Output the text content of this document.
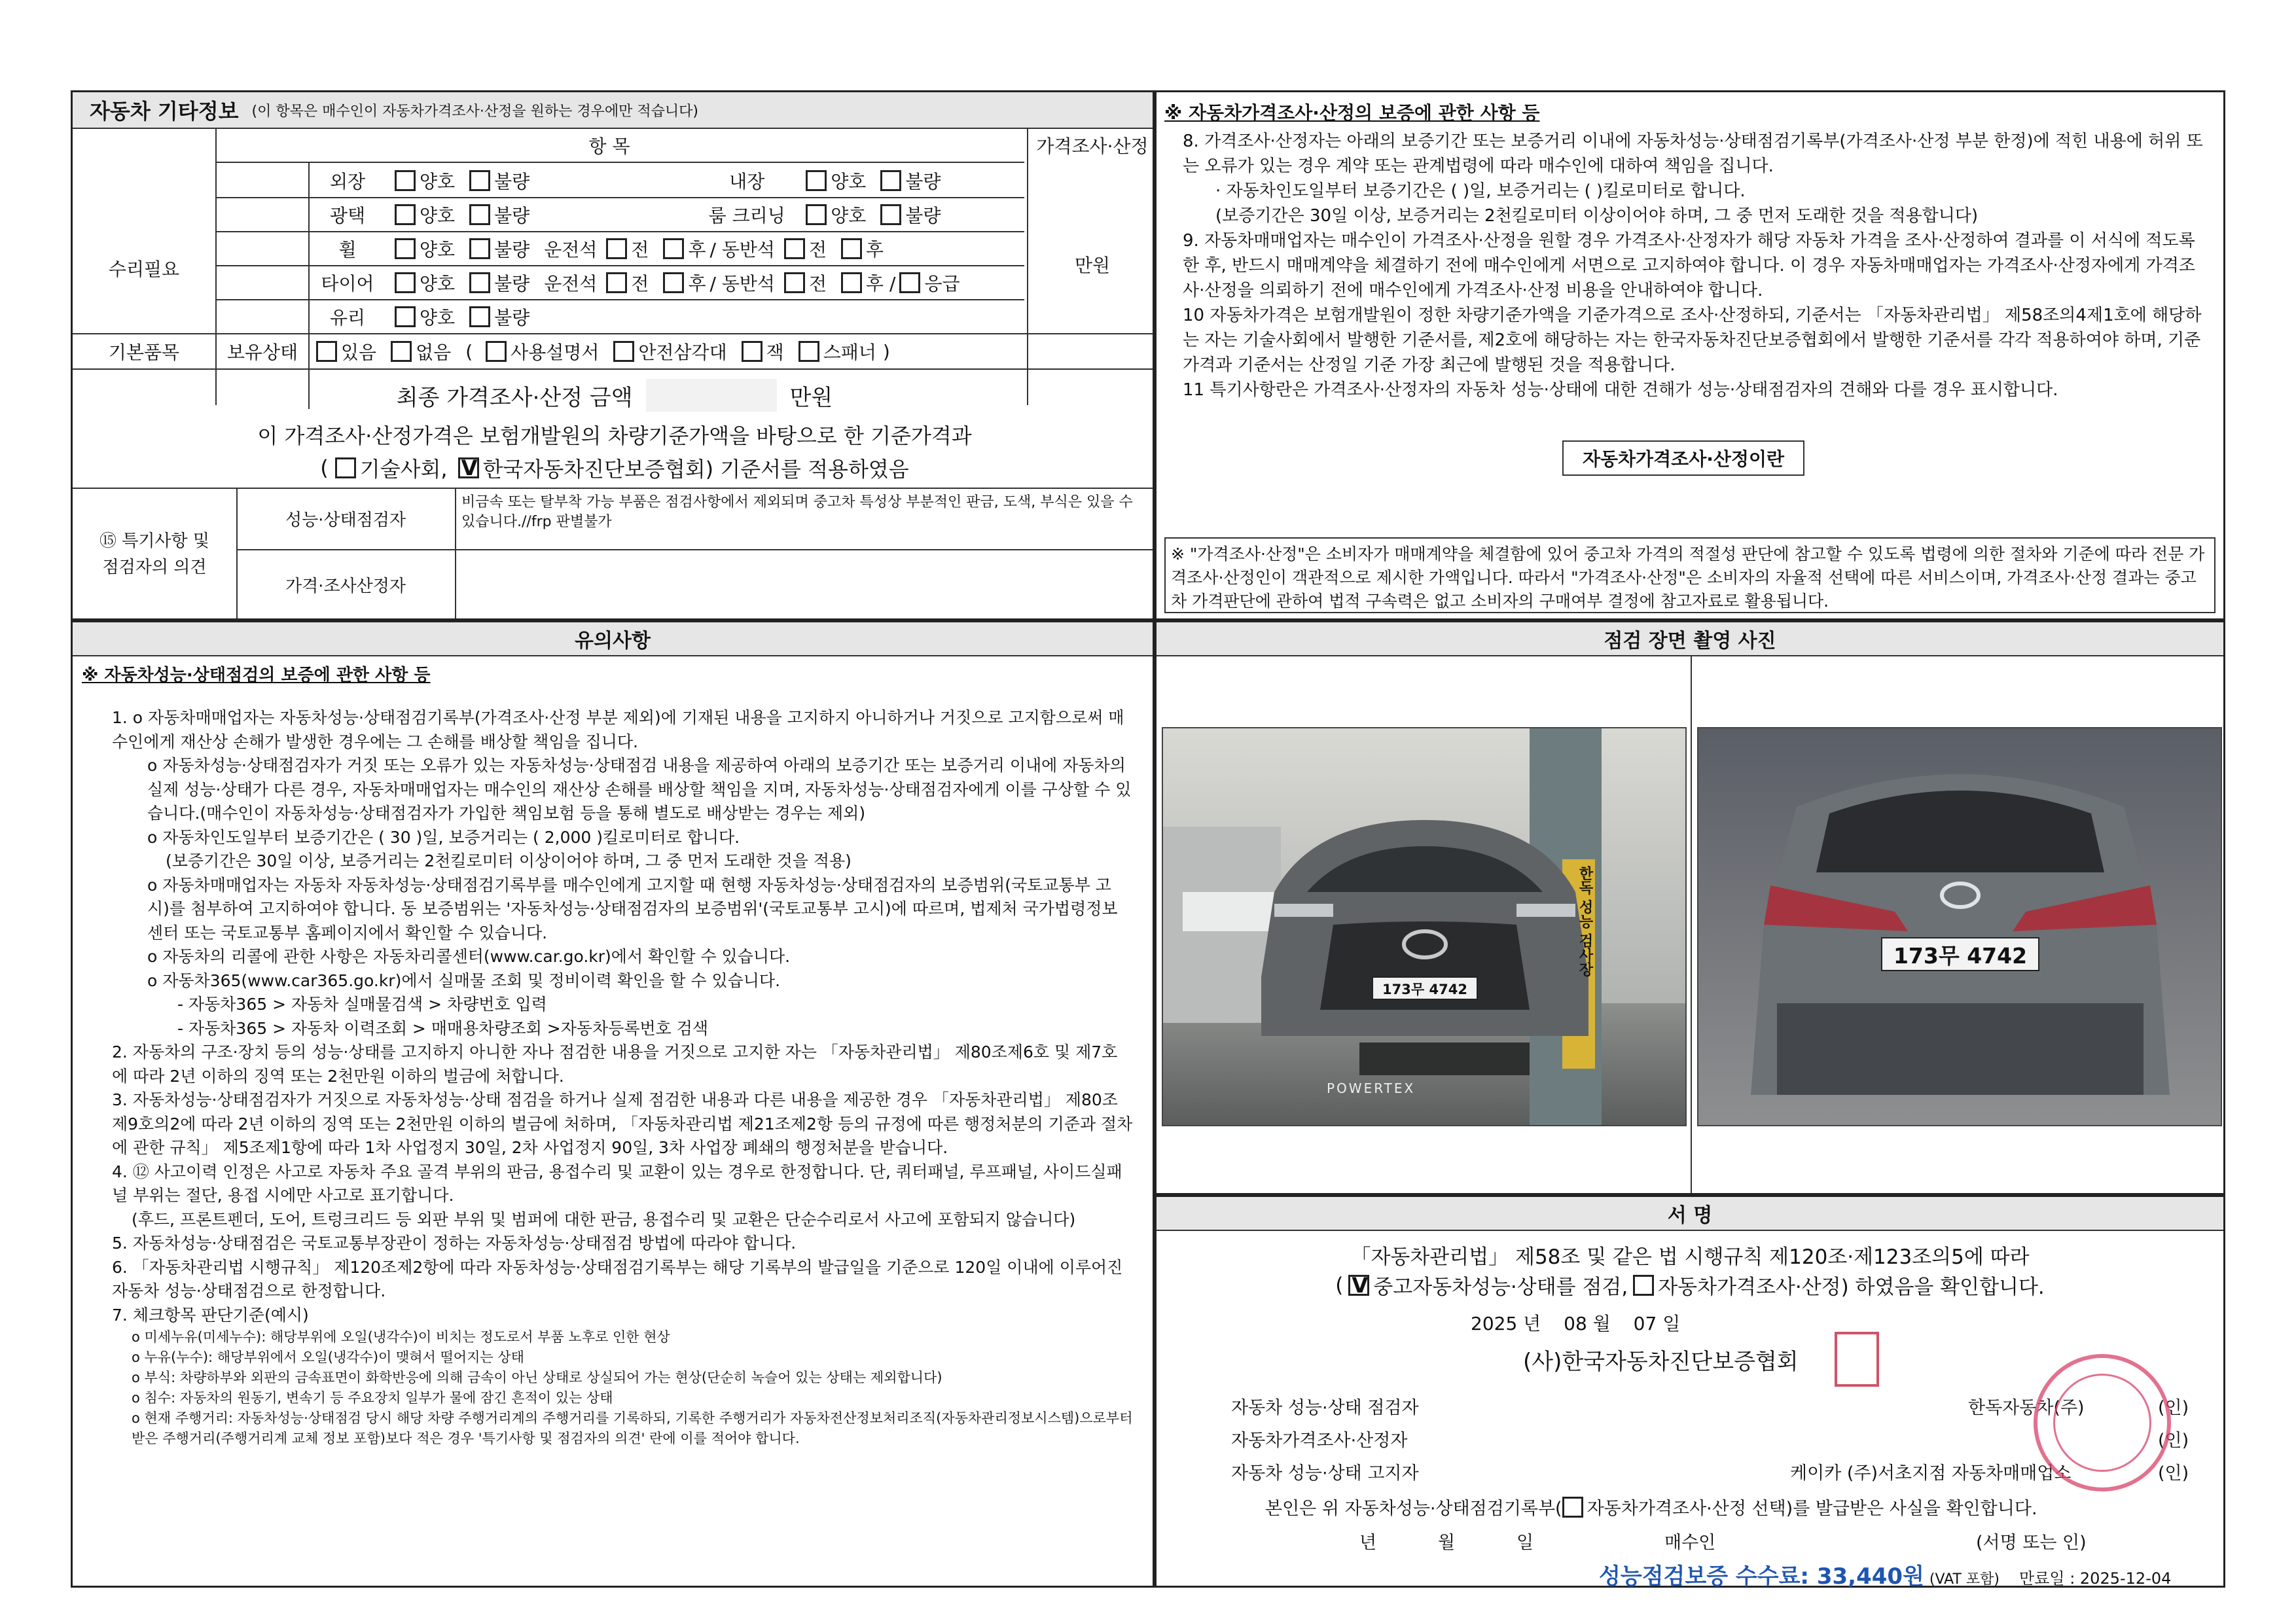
자동차 기타정보 (이 항목은 매수인이 자동차가격조사·산정을 원하는 경우에만 적습니다)
항 목	가격조사·산정
수리필요
외장	양호 불량	내장	양호 불량
광택	양호 불량	룸 크리닝	양호 불량
휠	양호 불량 운전석 전 후 / 동반석 전 후
타이어	양호 불량 운전석 전 후 / 동반석 전 후 / 응급
유리	양호 불량
만원
기본품목	보유상태	있음 없음 ( 사용설명서 안전삼각대 잭 스패너 )
최종 가격조사·산정 금액	만원
이 가격조사·산정가격은 보험개발원의 차량기준가액을 바탕으로 한 기준가격과
( 기술사회, V 한국자동차진단보증협회) 기준서를 적용하였음
⑮ 특기사항 및
점검자의 의견
성능·상태점검자
비금속 또는 탈부착 가능 부품은 점검사항에서 제외되며 중고차 특성상 부분적인 판금, 도색, 부식은 있을 수 있습니다.//frp 판별불가
가격·조사산정자
※ 자동차가격조사·산정의 보증에 관한 사항 등
8. 가격조사·산정자는 아래의 보증기간 또는 보증거리 이내에 자동차성능·상태점검기록부(가격조사·산정 부분 한정)에 적힌 내용에 허위 또는 오류가 있는 경우 계약 또는 관계법령에 따라 매수인에 대하여 책임을 집니다.
· 자동차인도일부터 보증기간은 ( )일, 보증거리는 ( )킬로미터로 합니다.
(보증기간은 30일 이상, 보증거리는 2천킬로미터 이상이어야 하며, 그 중 먼저 도래한 것을 적용합니다)
9. 자동차매매업자는 매수인이 가격조사·산정을 원할 경우 가격조사·산정자가 해당 자동차 가격을 조사·산정하여 결과를 이 서식에 적도록 한 후, 반드시 매매계약을 체결하기 전에 매수인에게 서면으로 고지하여야 합니다. 이 경우 자동차매매업자는 가격조사·산정자에게 가격조사·산정을 의뢰하기 전에 매수인에게 가격조사·산정 비용을 안내하여야 합니다.
10 자동차가격은 보험개발원이 정한 차량기준가액을 기준가격으로 조사·산정하되, 기준서는 「자동차관리법」 제58조의4제1호에 해당하는 자는 기술사회에서 발행한 기준서를, 제2호에 해당하는 자는 한국자동차진단보증협회에서 발행한 기준서를 각각 적용하여야 하며, 기준가격과 기준서는 산정일 기준 가장 최근에 발행된 것을 적용합니다.
11 특기사항란은 가격조사·산정자의 자동차 성능·상태에 대한 견해가 성능·상태점검자의 견해와 다를 경우 표시합니다.
※ "가격조사·산정"은 소비자가 매매계약을 체결함에 있어 중고차 가격의 적절성 판단에 참고할 수 있도록 법령에 의한 절차와 기준에 따라 전문 가격조사·산정인이 객관적으로 제시한 가액입니다. 따라서 "가격조사·산정"은 소비자의 자율적 선택에 따른 서비스이며, 가격조사·산정 결과는 중고차 가격판단에 관하여 법적 구속력은 없고 소비자의 구매여부 결정에 참고자료로 활용됩니다.
자동차가격조사·산정이란
유의사항
※ 자동차성능·상태점검의 보증에 관한 사항 등
1. o 자동차매매업자는 자동차성능·상태점검기록부(가격조사·산정 부분 제외)에 기재된 내용을 고지하지 아니하거나 거짓으로 고지함으로써 매수인에게 재산상 손해가 발생한 경우에는 그 손해를 배상할 책임을 집니다.
o 자동차성능·상태점검자가 거짓 또는 오류가 있는 자동차성능·상태점검 내용을 제공하여 아래의 보증기간 또는 보증거리 이내에 자동차의 실제 성능·상태가 다른 경우, 자동차매매업자는 매수인의 재산상 손해를 배상할 책임을 지며, 자동차성능·상태점검자에게 이를 구상할 수 있습니다.(매수인이 자동차성능·상태점검자가 가입한 책임보험 등을 통해 별도로 배상받는 경우는 제외)
o 자동차인도일부터 보증기간은 ( 30 )일, 보증거리는 ( 2,000 )킬로미터로 합니다.
(보증기간은 30일 이상, 보증거리는 2천킬로미터 이상이어야 하며, 그 중 먼저 도래한 것을 적용)
o 자동차매매업자는 자동차 자동차성능·상태점검기록부를 매수인에게 고지할 때 현행 자동차성능·상태점검자의 보증범위(국토교통부 고시)를 첨부하여 고지하여야 합니다. 동 보증범위는 '자동차성능·상태점검자의 보증범위'(국토교통부 고시)에 따르며, 법제처 국가법령정보센터 또는 국토교통부 홈페이지에서 확인할 수 있습니다.
o 자동차의 리콜에 관한 사항은 자동차리콜센터(www.car.go.kr)에서 확인할 수 있습니다.
o 자동차365(www.car365.go.kr)에서 실매물 조회 및 정비이력 확인을 할 수 있습니다.
- 자동차365 > 자동차 실매물검색 > 차량번호 입력
- 자동차365 > 자동차 이력조회 > 매매용차량조회 >자동차등록번호 검색
2. 자동차의 구조·장치 등의 성능·상태를 고지하지 아니한 자나 점검한 내용을 거짓으로 고지한 자는 「자동차관리법」 제80조제6호 및 제7호에 따라 2년 이하의 징역 또는 2천만원 이하의 벌금에 처합니다.
3. 자동차성능·상태점검자가 거짓으로 자동차성능·상태 점검을 하거나 실제 점검한 내용과 다른 내용을 제공한 경우 「자동차관리법」 제80조제9호의2에 따라 2년 이하의 징역 또는 2천만원 이하의 벌금에 처하며, 「자동차관리법 제21조제2항 등의 규정에 따른 행정처분의 기준과 절차에 관한 규칙」 제5조제1항에 따라 1차 사업정지 30일, 2차 사업정지 90일, 3차 사업장 폐쇄의 행정처분을 받습니다.
4. ⑫ 사고이력 인정은 사고로 자동차 주요 골격 부위의 판금, 용접수리 및 교환이 있는 경우로 한정합니다. 단, 쿼터패널, 루프패널, 사이드실패널 부위는 절단, 용접 시에만 사고로 표기합니다.
(후드, 프론트펜더, 도어, 트렁크리드 등 외판 부위 및 범퍼에 대한 판금, 용접수리 및 교환은 단순수리로서 사고에 포함되지 않습니다)
5. 자동차성능·상태점검은 국토교통부장관이 정하는 자동차성능·상태점검 방법에 따라야 합니다.
6. 「자동차관리법 시행규칙」 제120조제2항에 따라 자동차성능·상태점검기록부는 해당 기록부의 발급일을 기준으로 120일 이내에 이루어진 자동차 성능·상태점검으로 한정합니다.
7. 체크항목 판단기준(예시)
o 미세누유(미세누수): 해당부위에 오일(냉각수)이 비치는 정도로서 부품 노후로 인한 현상
o 누유(누수): 해당부위에서 오일(냉각수)이 맺혀서 떨어지는 상태
o 부식: 차량하부와 외판의 금속표면이 화학반응에 의해 금속이 아닌 상태로 상실되어 가는 현상(단순히 녹슬어 있는 상태는 제외합니다)
o 침수: 자동차의 원동기, 변속기 등 주요장치 일부가 물에 잠긴 흔적이 있는 상태
o 현재 주행거리: 자동차성능·상태점검 당시 해당 차량 주행거리계의 주행거리를 기록하되, 기록한 주행거리가 자동차전산정보처리조직(자동차관리정보시스템)으로부터 받은 주행거리(주행거리계 교체 정보 포함)보다 적은 경우 '특기사항 및 점검자의 의견' 란에 이를 적어야 합니다.
점검 장면 촬영 사진
173무 4742
POWERTEX
한독 성능 검사장	173무 4742
서 명
「자동차관리법」 제58조 및 같은 법 시행규칙 제120조·제123조의5에 따라
( V 중고자동차성능·상태를 점검, 자동차가격조사·산정) 하였음을 확인합니다.
2025 년 08 월 07 일
(사)한국자동차진단보증협회
자동차 성능·상태 점검자	한독자동차(주)	(인)
자동차가격조사·산정자	(인)
자동차 성능·상태 고지자	케이카 (주)서초지점 자동차매매업소	(인)
본인은 위 자동차성능·상태점검기록부( 자동차가격조사·산정 선택)를 발급받은 사실을 확인합니다.
년	월	일	매수인	(서명 또는 인)
성능점검보증 수수료: 33,440원 (VAT 포함) 만료일 : 2025-12-04
